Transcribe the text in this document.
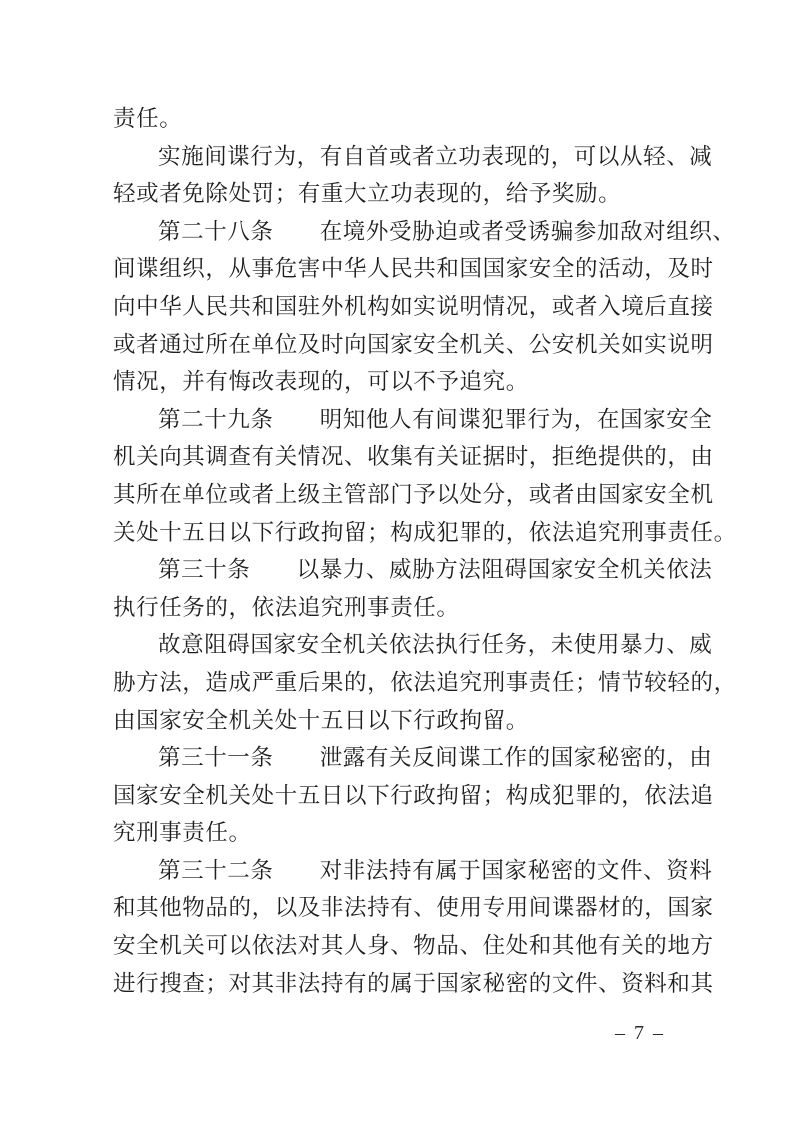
责任。
实施间谍行为，有自首或者立功表现的，可以从轻、减
轻或者免除处罚；有重大立功表现的，给予奖励。
第二十八条　　在境外受胁迫或者受诱骗参加敌对组织、
间谍组织，从事危害中华人民共和国国家安全的活动，及时
向中华人民共和国驻外机构如实说明情况，或者入境后直接
或者通过所在单位及时向国家安全机关、公安机关如实说明
情况，并有悔改表现的，可以不予追究。
第二十九条　　明知他人有间谍犯罪行为，在国家安全
机关向其调查有关情况、收集有关证据时，拒绝提供的，由
其所在单位或者上级主管部门予以处分，或者由国家安全机
关处十五日以下行政拘留；构成犯罪的，依法追究刑事责任。
第三十条　　以暴力、威胁方法阻碍国家安全机关依法
执行任务的，依法追究刑事责任。
故意阻碍国家安全机关依法执行任务，未使用暴力、威
胁方法，造成严重后果的，依法追究刑事责任；情节较轻的，
由国家安全机关处十五日以下行政拘留。
第三十一条　　泄露有关反间谍工作的国家秘密的，由
国家安全机关处十五日以下行政拘留；构成犯罪的，依法追
究刑事责任。
第三十二条　　对非法持有属于国家秘密的文件、资料
和其他物品的，以及非法持有、使用专用间谍器材的，国家
安全机关可以依法对其人身、物品、住处和其他有关的地方
进行搜查；对其非法持有的属于国家秘密的文件、资料和其
– 7 –
